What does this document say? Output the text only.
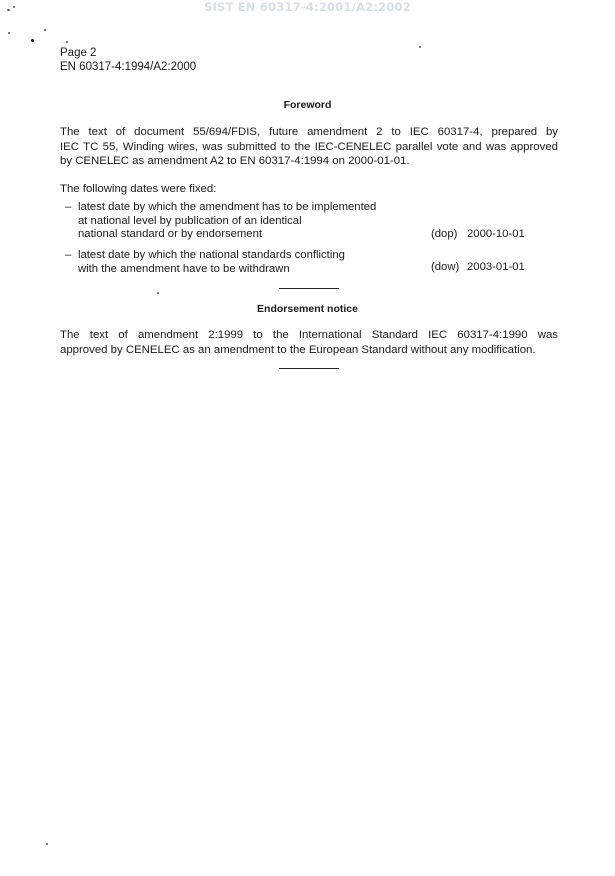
SIST EN 60317-4:2001/A2:2002
Page 2
EN 60317-4:1994/A2:2000
Foreword
The text of document 55/694/FDIS, future amendment 2 to IEC 60317-4, prepared by
IEC TC 55, Winding wires, was submitted to the IEC-CENELEC parallel vote and was approved
by CENELEC as amendment A2 to EN 60317-4:1994 on 2000-01-01.
The following dates were fixed:
– latest date by which the amendment has to be implemented
at national level by publication of an identical
national standard or by endorsement	(dop) 2000-10-01
– latest date by which the national standards conflicting
with the amendment have to be withdrawn	(dow) 2003-01-01
Endorsement notice
The text of amendment 2:1999 to the International Standard IEC 60317-4:1990 was
approved by CENELEC as an amendment to the European Standard without any modification.
